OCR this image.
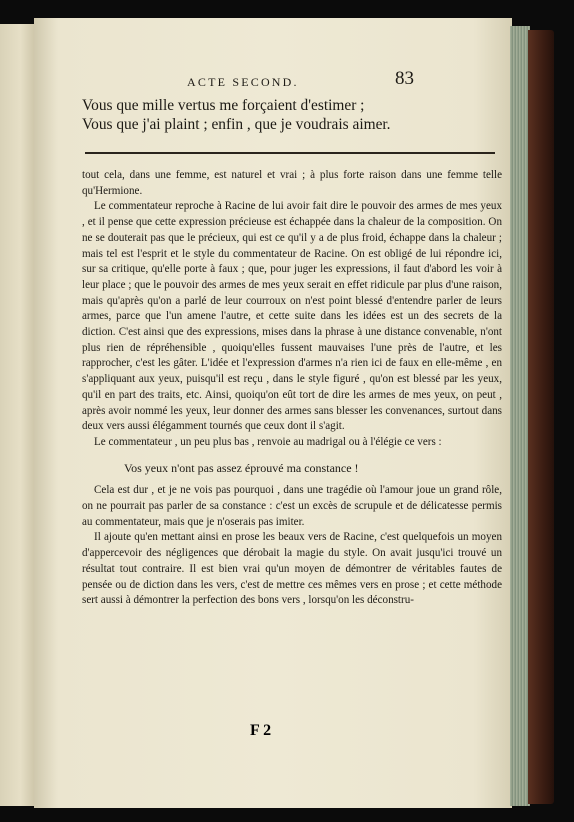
ACTE SECOND.	83
Vous que mille vertus me forçaient d'estimer ;
Vous que j'ai plaint ; enfin , que je voudrais aimer.

tout cela, dans une femme, est naturel et vrai ; à plus forte raison dans une femme telle qu'Hermione.

Le commentateur reproche à Racine de lui avoir fait dire le pouvoir des armes de mes yeux , et il pense que cette expression précieuse est échappée dans la chaleur de la composition. On ne se douterait pas que le précieux, qui est ce qu'il y a de plus froid, échappe dans la chaleur ; mais tel est l'esprit et le style du commentateur de Racine. On est obligé de lui répondre ici, sur sa critique, qu'elle porte à faux ; que, pour juger les expressions, il faut d'abord les voir à leur place ; que le pouvoir des armes de mes yeux serait en effet ridicule par plus d'une raison, mais qu'après qu'on a parlé de leur courroux on n'est point blessé d'entendre parler de leurs armes, parce que l'un amene l'autre, et cette suite dans les idées est un des secrets de la diction. C'est ainsi que des expressions, mises dans la phrase à une distance convenable, n'ont plus rien de répréhensible , quoiqu'elles fussent mauvaises l'une près de l'autre, et les rapprocher, c'est les gâter. L'idée et l'expression d'armes n'a rien ici de faux en elle-même , en s'appliquant aux yeux, puisqu'il est reçu , dans le style figuré , qu'on est blessé par les yeux, qu'il en part des traits, etc. Ainsi, quoiqu'on eût tort de dire les armes de mes yeux, on peut , après avoir nommé les yeux, leur donner des armes sans blesser les convenances, surtout dans deux vers aussi élégamment tournés que ceux dont il s'agit.

Le commentateur , un peu plus bas , renvoie au madrigal ou à l'élégie ce vers :

Vos yeux n'ont pas assez éprouvé ma constance !

Cela est dur , et je ne vois pas pourquoi , dans une tragédie où l'amour joue un grand rôle, on ne pourrait pas parler de sa constance : c'est un excès de scrupule et de délicatesse permis au commentateur, mais que je n'oserais pas imiter.

Il ajoute qu'en mettant ainsi en prose les beaux vers de Racine, c'est quelquefois un moyen d'appercevoir des négligences que dérobait la magie du style. On avait jusqu'ici trouvé un résultat tout contraire. Il est bien vrai qu'un moyen de démontrer de véritables fautes de pensée ou de diction dans les vers, c'est de mettre ces mêmes vers en prose ; et cette méthode sert aussi à démontrer la perfection des bons vers , lorsqu'on les déconstru-

F 2
